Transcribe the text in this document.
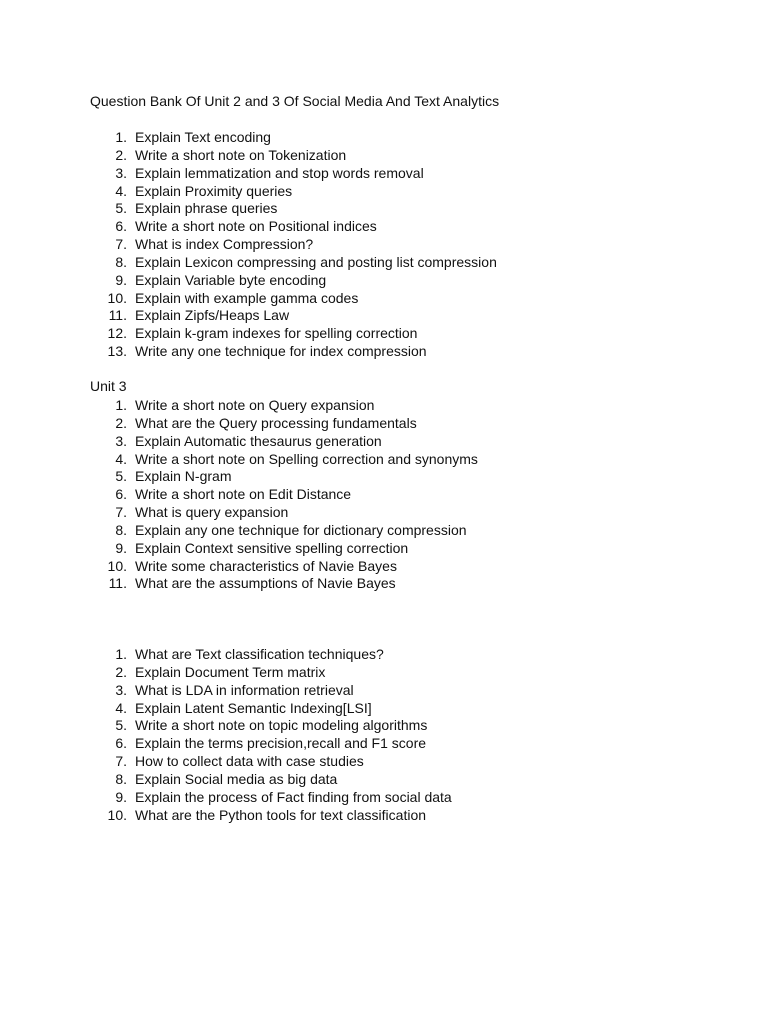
Question Bank Of Unit 2 and 3 Of Social Media And Text Analytics
1. Explain Text encoding
2. Write a short note on Tokenization
3. Explain lemmatization and stop words removal
4. Explain Proximity queries
5. Explain phrase queries
6. Write a short note on Positional indices
7. What is index Compression?
8. Explain Lexicon compressing and posting list compression
9. Explain Variable byte encoding
10. Explain with example gamma codes
11. Explain Zipfs/Heaps Law
12. Explain k-gram indexes for spelling correction
13. Write any one technique for index compression
Unit 3
1. Write a short note on Query expansion
2. What are the Query processing fundamentals
3. Explain Automatic thesaurus generation
4. Write a short note on Spelling correction and synonyms
5. Explain N-gram
6. Write a short note on Edit Distance
7. What is query expansion
8. Explain any one technique for dictionary compression
9. Explain Context sensitive spelling correction
10. Write some characteristics of Navie Bayes
11. What are the assumptions of Navie Bayes
1. What are Text classification techniques?
2. Explain Document Term matrix
3. What is LDA in information retrieval
4. Explain Latent Semantic Indexing[LSI]
5. Write a short note on topic modeling algorithms
6. Explain the terms precision,recall and F1 score
7. How to collect data with case studies
8. Explain Social media as big data
9. Explain the process of Fact finding from social data
10. What are the Python tools for text classification
